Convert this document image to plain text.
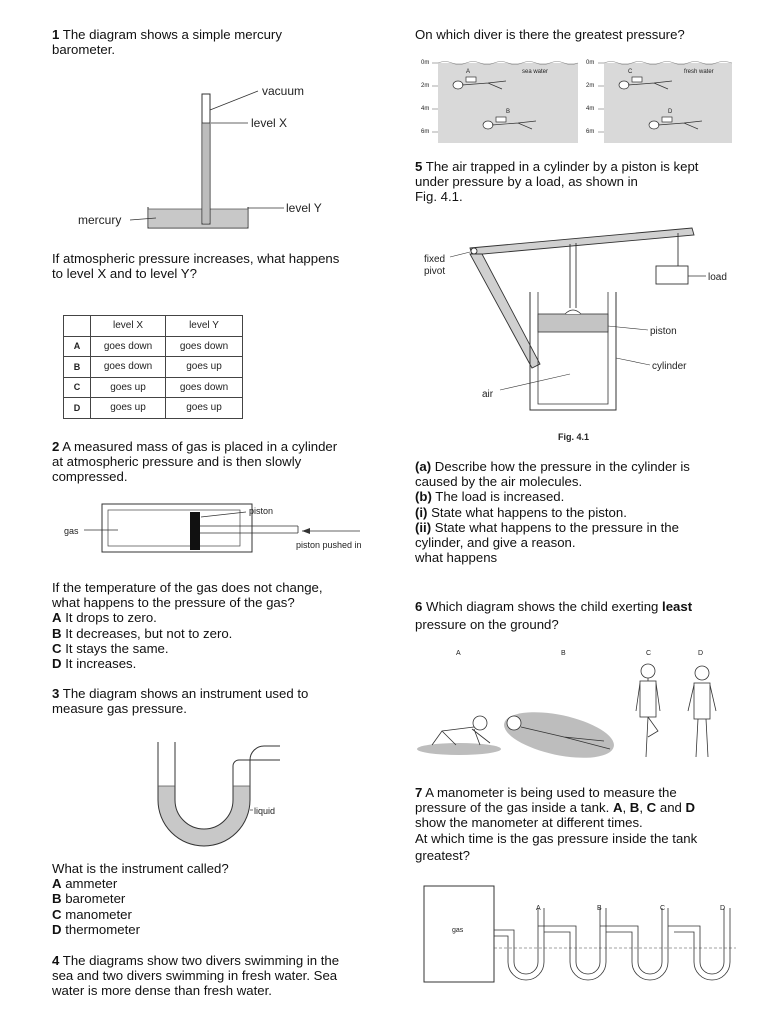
1 The diagram shows a simple mercury
barometer.
vacuum
level X
level Y
mercury
If atmospheric pressure increases, what happens
to level X and to level Y?
	level X	level Y
A	goes down	goes down
B	goes down	goes up
C	goes up	goes down
D	goes up	goes up
2 A measured mass of gas is placed in a cylinder
at atmospheric pressure and is then slowly
compressed.
gas
piston
piston pushed in
If the temperature of the gas does not change,
what happens to the pressure of the gas?
A It drops to zero.
B It decreases, but not to zero.
C It stays the same.
D It increases.
3 The diagram shows an instrument used to
measure gas pressure.
liquid
What is the instrument called?
A ammeter
B barometer
C manometer
D thermometer
4 The diagrams show two divers swimming in the
sea and two divers swimming in fresh water. Sea
water is more dense than fresh water.
On which diver is there the greatest pressure?
0m
2m
4m
6m
0m
2m
4m
6m
sea water	fresh water
A
B
C
D
5 The air trapped in a cylinder by a piston is kept
under pressure by a load, as shown in
Fig. 4.1.
load
fixed
pivot
piston
cylinder
air
Fig. 4.1
(a) Describe how the pressure in the cylinder is
caused by the air molecules.
(b) The load is increased.
(i) State what happens to the piston.
(ii) State what happens to the pressure in the
cylinder, and give a reason.
what happens
6 Which diagram shows the child exerting least
pressure on the ground?
A	B	C	D
7 A manometer is being used to measure the
pressure of the gas inside a tank. A, B, C and D
show the manometer at different times.
At which time is the gas pressure inside the tank
greatest?
gas
A	B	C	D
